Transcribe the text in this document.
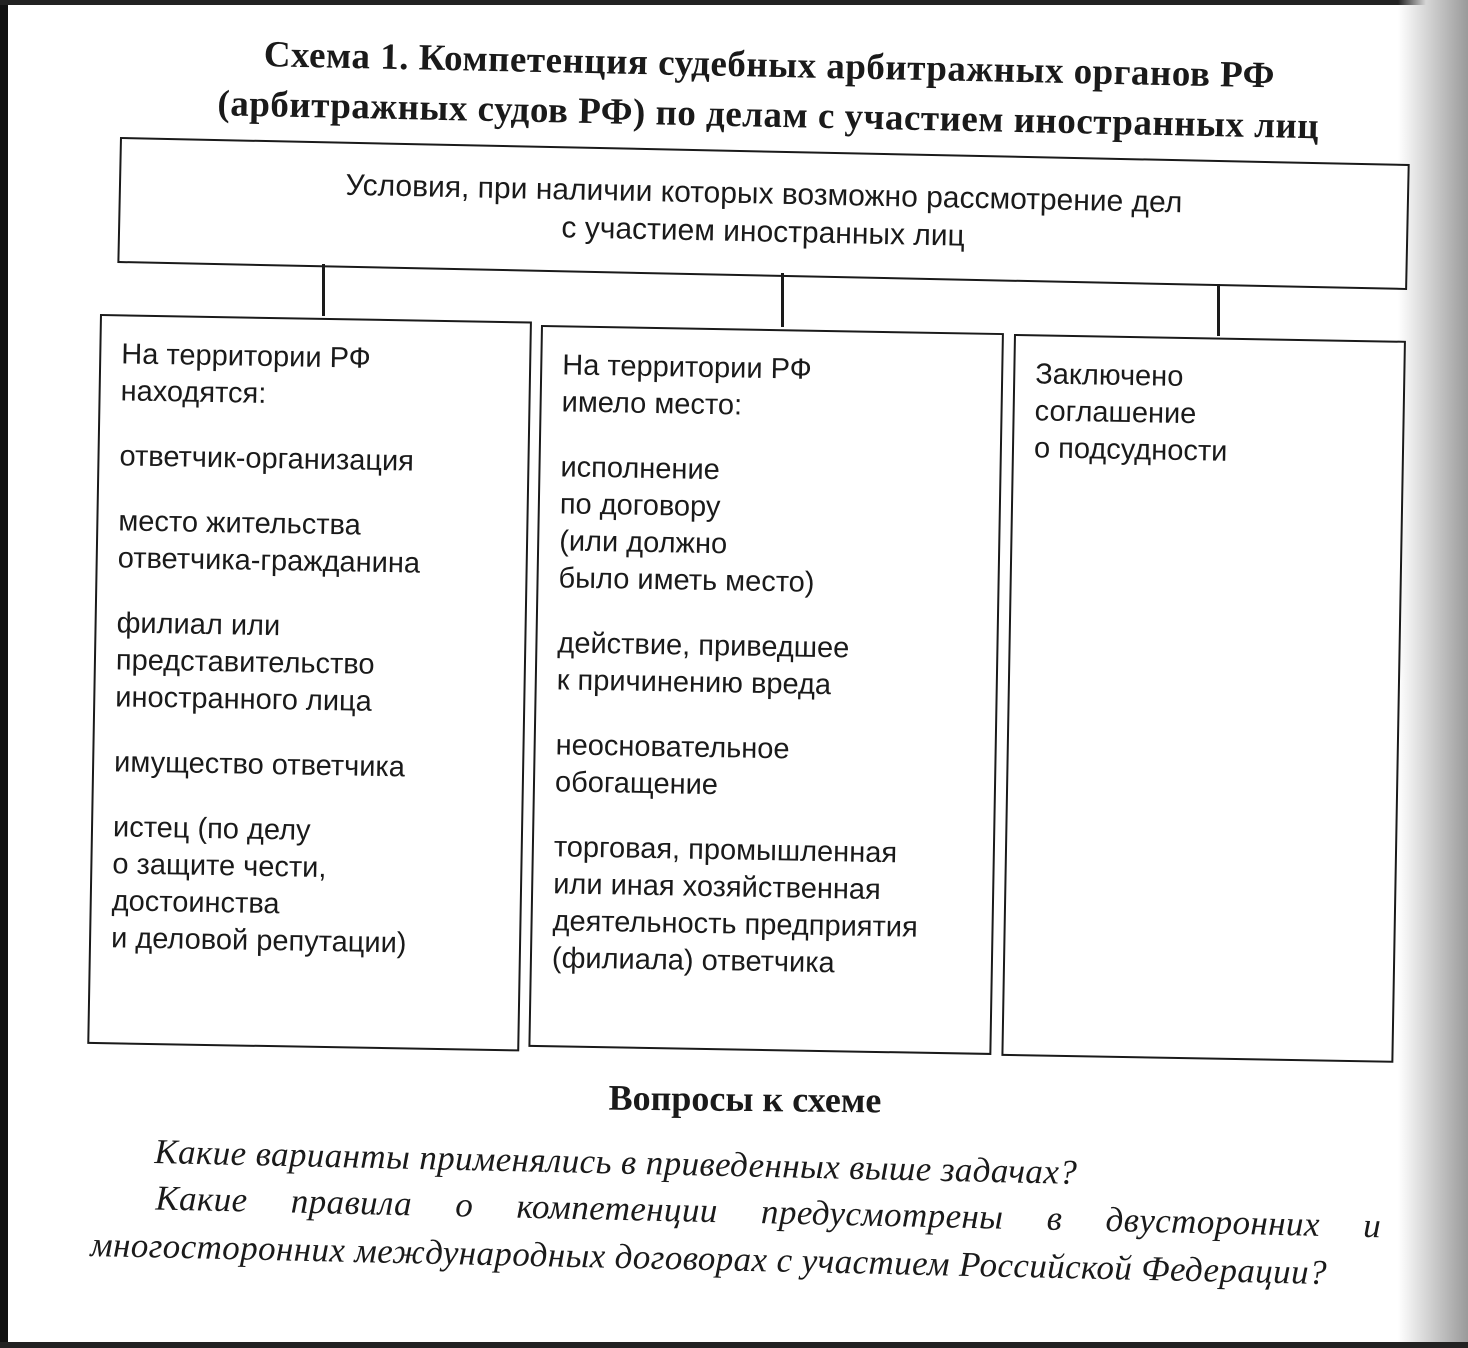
Схема 1. Компетенция судебных арбитражных органов РФ
(арбитражных судов РФ) по делам с участием иностранных лиц
Условия, при наличии которых возможно рассмотрение дел
с участием иностранных лиц

На территории РФ
находятся:

ответчик-организация

место жительства
ответчика-гражданина

филиал или
представительство
иностранного лица

имущество ответчика

истец (по делу
о защите чести,
достоинства
и деловой репутации)

На территории РФ
имело место:

исполнение
по договору
(или должно
было иметь место)

действие, приведшее
к причинению вреда

неосновательное
обогащение

торговая, промышленная
или иная хозяйственная
деятельность предприятия
(филиала) ответчика

Заключено
соглашение
о подсудности

Вопросы к схеме

Какие варианты применялись в приведенных выше задачах?

Какие правила о компетенции предусмотрены в двусторонних и многосторонних международных договорах с участием Российской Федерации?
